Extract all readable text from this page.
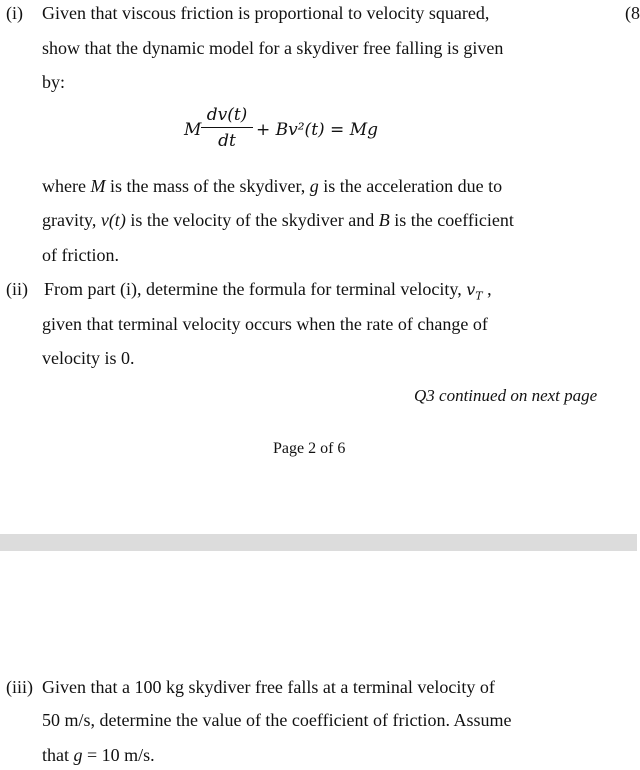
(i) Given that viscous friction is proportional to velocity squared,	(8
show that the dynamic model for a skydiver free falling is given
by:
M
dv(t)
dt
+ Bv²(t) = Mg
where M is the mass of the skydiver, g is the acceleration due to
gravity, v(t) is the velocity of the skydiver and B is the coefficient
of friction.
(ii) From part (i), determine the formula for terminal velocity, $v_T$ ,
given that terminal velocity occurs when the rate of change of
velocity is 0.
Q3 continued on next page
Page 2 of 6
(iii) Given that a 100 kg skydiver free falls at a terminal velocity of
50 m/s, determine the value of the coefficient of friction. Assume
that g = 10 m/s.
